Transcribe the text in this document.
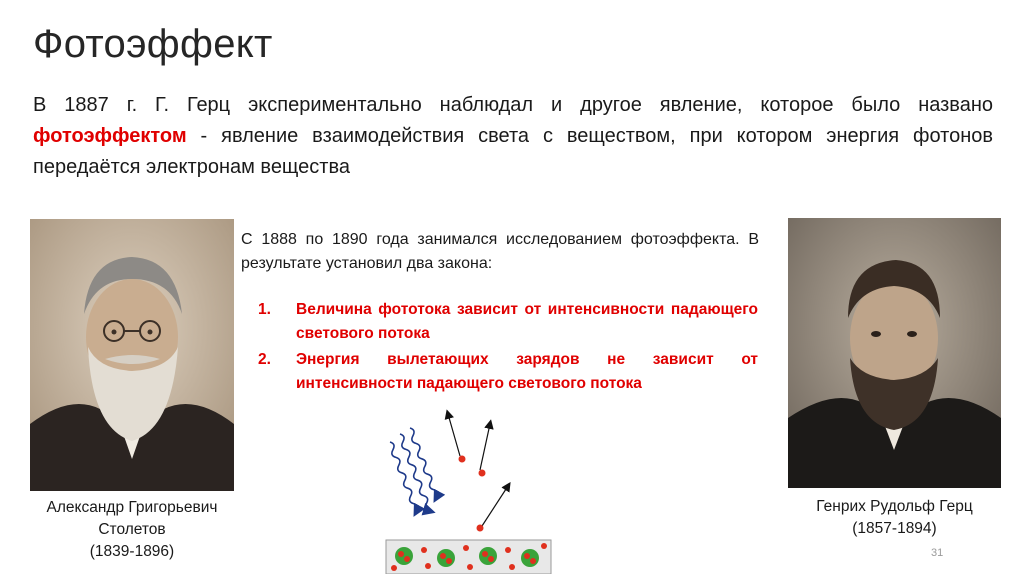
Фотоэффект
В 1887 г. Г. Герц экспериментально наблюдал и другое явление, которое было названо фотоэффектом - явление взаимодействия света с веществом, при котором энергия фотонов передаётся электронам вещества
Александр Григорьевич
Столетов
(1839-1896)
С 1888 по 1890 года занимался исследованием фотоэффекта. В результате установил два закона:
1. Величина фототока зависит от интенсивности падающего светового потока
2. Энергия вылетающих зарядов не зависит от интенсивности падающего светового потока
Генрих Рудольф Герц
(1857-1894)
31
